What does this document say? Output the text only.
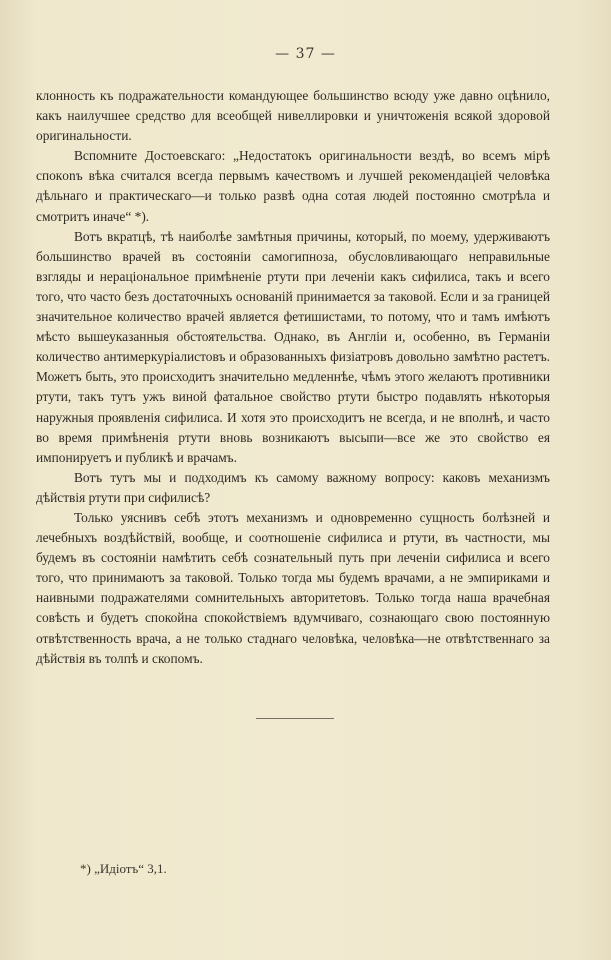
— 37 —

клонность къ подражательности командующее большинство всюду уже давно оцѣнило, какъ наилучшее средство для всеобщей нивеллировки и уничтоженія всякой здоровой оригинальности.

Вспомните Достоевскаго: „Недостатокъ оригинальности вездѣ, во всемъ мірѣ спокonъ вѣка считался всегда первымъ качествомъ и лучшей рекомендаціей человѣка дѣльнаго и практическаго—и только развѣ одна сотая людей постоянно смотрѣла и смотритъ иначе“ *).

Вотъ вкратцѣ, тѣ наиболѣе замѣтныя причины, который, по моему, удерживаютъ большинство врачей въ состояніи самогипноза, обусловливающаго неправильные взгляды и нераціональное примѣненіе ртути при леченіи какъ сифилиса, такъ и всего того, что часто безъ достаточныхъ основаній принимается за таковой. Если и за границей значительное количество врачей является фетишистами, то потому, что и тамъ имѣютъ мѣсто вышеуказанныя обстоятельства. Однако, въ Англіи и, особенно, въ Германіи количество антимеркуріалистовъ и образованныхъ физіатровъ довольно замѣтно растетъ. Можетъ быть, это происходитъ значительно медленнѣе, чѣмъ этого желаютъ противники ртути, такъ тутъ ужъ виной фатальное свойство ртути быстро подавлять нѣкоторыя наружныя проявленія сифилиса. И хотя это происходитъ не всегда, и не вполнѣ, и часто во время примѣненія ртути вновь возникаютъ высыпи—все же это свойство ея импонируетъ и публикѣ и врачамъ.

Вотъ тутъ мы и подходимъ къ самому важному вопросу: каковъ механизмъ дѣйствія ртути при сифилисѣ?

Только уяснивъ себѣ этотъ механизмъ и одновременно сущность болѣзней и лечебныхъ воздѣйствій, вообще, и соотношеніе сифилиса и ртути, въ частности, мы будемъ въ состояніи намѣтить себѣ сознательный путь при леченіи сифилиса и всего того, что принимаютъ за таковой. Только тогда мы будемъ врачами, а не эмпириками и наивными подражателями сомнительныхъ авторитетовъ. Только тогда наша врачебная совѣсть и будетъ спокойна спокойствіемъ вдумчиваго, сознающаго свою постоянную отвѣтственность врача, а не только стаднаго человѣка, человѣка—не отвѣтственнаго за дѣйствія въ толпѣ и скопомъ.

*) „Идіотъ“ 3,1.
